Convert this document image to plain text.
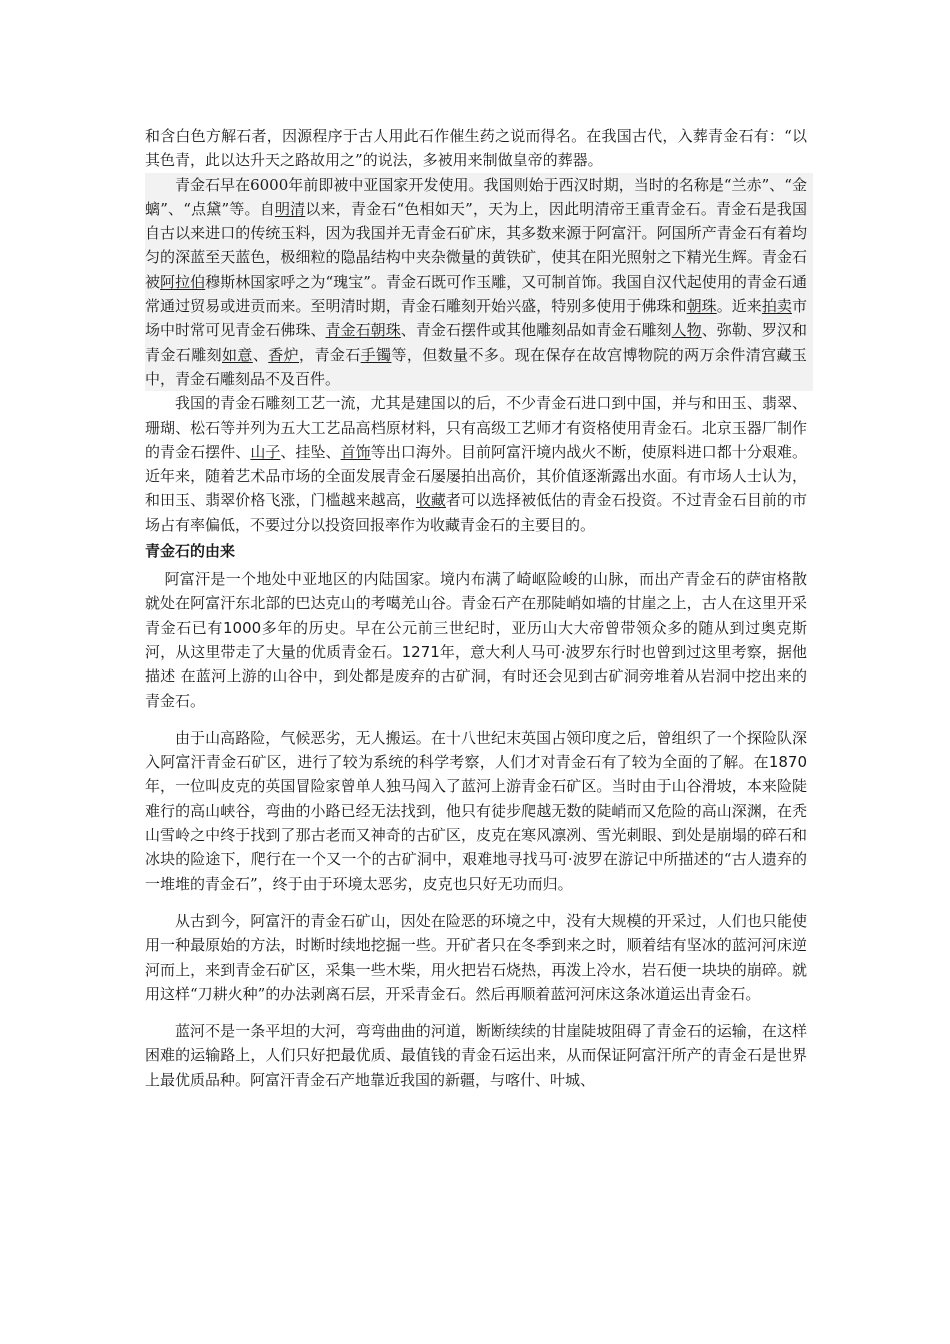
和含白色方解石者，因源程序于古人用此石作催生药之说而得名。在我国古代，入葬青金石有：“以其色青，此以达升天之路故用之”的说法，多被用来制做皇帝的葬器。

青金石早在6000年前即被中亚国家开发使用。我国则始于西汉时期，当时的名称是“兰赤”、“金螭”、“点黛”等。自明清以来，青金石“色相如天”，天为上，因此明清帝王重青金石。青金石是我国自古以来进口的传统玉料，因为我国并无青金石矿床，其多数来源于阿富汗。阿国所产青金石有着均匀的深蓝至天蓝色，极细粒的隐晶结构中夹杂微量的黄铁矿，使其在阳光照射之下精光生辉。青金石被阿拉伯穆斯林国家呼之为“瑰宝”。青金石既可作玉雕，又可制首饰。我国自汉代起使用的青金石通常通过贸易或进贡而来。至明清时期，青金石雕刻开始兴盛，特别多使用于佛珠和朝珠。近来拍卖市场中时常可见青金石佛珠、青金石朝珠、青金石摆件或其他雕刻品如青金石雕刻人物、弥勒、罗汉和青金石雕刻如意、香炉，青金石手镯等，但数量不多。现在保存在故宫博物院的两万余件清宫藏玉中，青金石雕刻品不及百件。

我国的青金石雕刻工艺一流，尤其是建国以的后，不少青金石进口到中国，并与和田玉、翡翠、珊瑚、松石等并列为五大工艺品高档原材料，只有高级工艺师才有资格使用青金石。北京玉器厂制作的青金石摆件、山子、挂坠、首饰等出口海外。目前阿富汗境内战火不断，使原料进口都十分艰难。近年来，随着艺术品市场的全面发展青金石屡屡拍出高价，其价值逐渐露出水面。有市场人士认为，和田玉、翡翠价格飞涨，门槛越来越高，收藏者可以选择被低估的青金石投资。不过青金石目前的市场占有率偏低，不要过分以投资回报率作为收藏青金石的主要目的。

青金石的由来

阿富汗是一个地处中亚地区的内陆国家。境内布满了崎岖险峻的山脉，而出产青金石的萨宙格散就处在阿富汗东北部的巴达克山的考噶羌山谷。青金石产在那陡峭如墙的甘崖之上，古人在这里开采青金石已有1000多年的历史。早在公元前三世纪时，亚历山大大帝曾带领众多的随从到过奥克斯河，从这里带走了大量的优质青金石。1271年，意大利人马可·波罗东行时也曾到过这里考察，据他描述 在蓝河上游的山谷中，到处都是废弃的古矿洞，有时还会见到古矿洞旁堆着从岩洞中挖出来的青金石。

由于山高路险，气候恶劣，无人搬运。在十八世纪末英国占领印度之后，曾组织了一个探险队深入阿富汗青金石矿区，进行了较为系统的科学考察，人们才对青金石有了较为全面的了解。在1870年，一位叫皮克的英国冒险家曾单人独马闯入了蓝河上游青金石矿区。当时由于山谷滑坡，本来险陡难行的高山峡谷，弯曲的小路已经无法找到，他只有徒步爬越无数的陡峭而又危险的高山深渊，在秃山雪岭之中终于找到了那古老而又神奇的古矿区，皮克在寒风凛冽、雪光刺眼、到处是崩塌的碎石和冰块的险途下，爬行在一个又一个的古矿洞中，艰难地寻找马可·波罗在游记中所描述的“古人遗弃的一堆堆的青金石”，终于由于环境太恶劣，皮克也只好无功而归。

从古到今，阿富汗的青金石矿山，因处在险恶的环境之中，没有大规模的开采过，人们也只能使用一种最原始的方法，时断时续地挖掘一些。开矿者只在冬季到来之时，顺着结有坚冰的蓝河河床逆河而上，来到青金石矿区，采集一些木柴，用火把岩石烧热，再泼上冷水，岩石便一块块的崩碎。就用这样“刀耕火种”的办法剥离石层，开采青金石。然后再顺着蓝河河床这条冰道运出青金石。

蓝河不是一条平坦的大河，弯弯曲曲的河道，断断续续的甘崖陡坡阻碍了青金石的运输，在这样困难的运输路上，人们只好把最优质、最值钱的青金石运出来，从而保证阿富汗所产的青金石是世界上最优质品种。阿富汗青金石产地靠近我国的新疆，与喀什、叶城、
